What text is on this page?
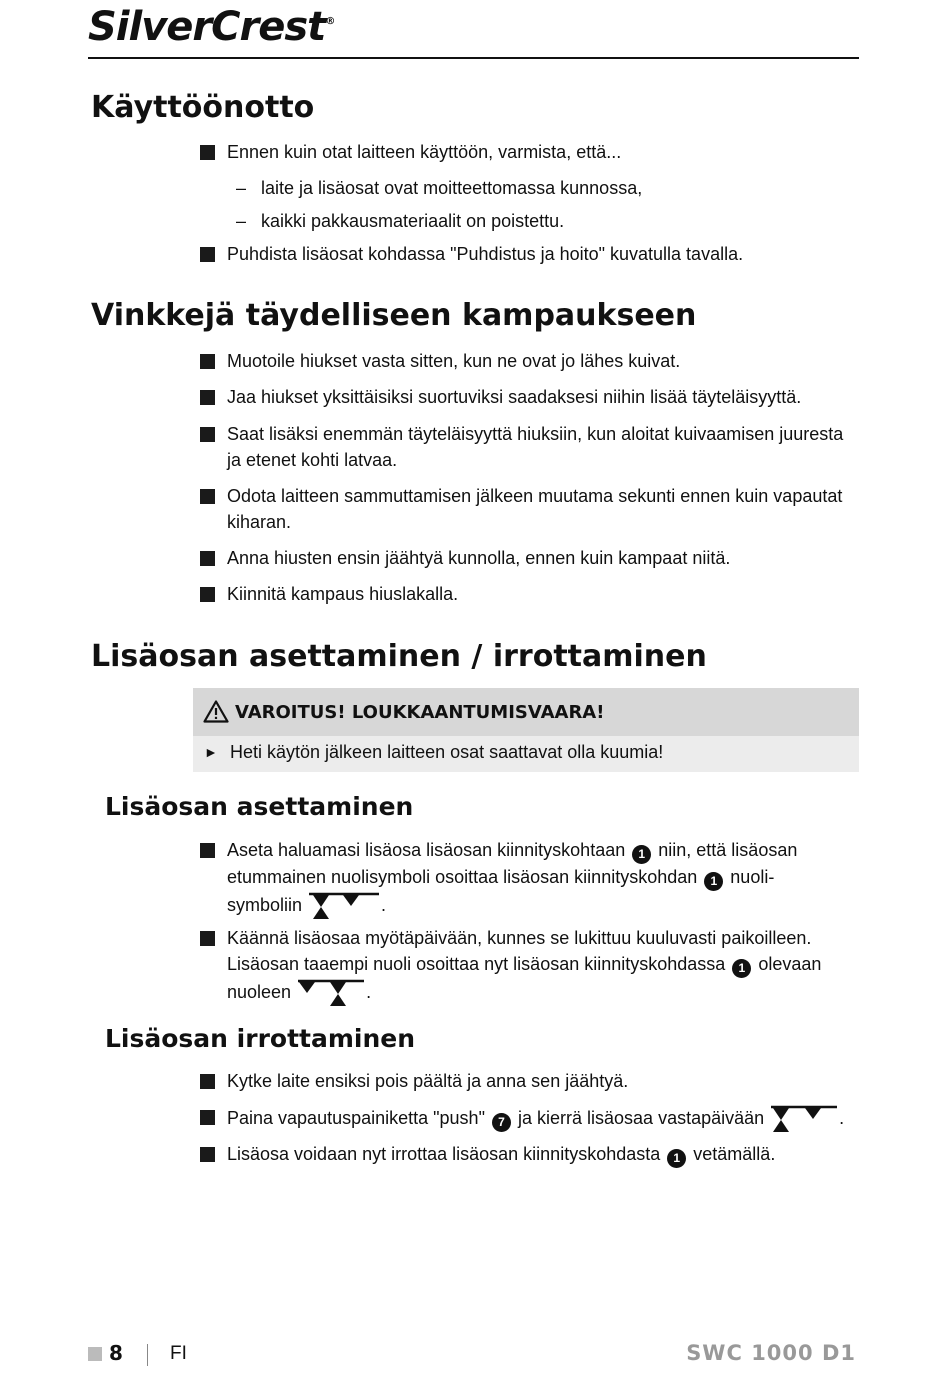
SilverCrest®
Käyttöönotto
Ennen kuin otat laitteen käyttöön, varmista, että...
– laite ja lisäosat ovat moitteettomassa kunnossa,
– kaikki pakkausmateriaalit on poistettu.
Puhdista lisäosat kohdassa "Puhdistus ja hoito" kuvatulla tavalla.
Vinkkejä täydelliseen kampaukseen
Muotoile hiukset vasta sitten, kun ne ovat jo lähes kuivat.
Jaa hiukset yksittäisiksi suortuviksi saadaksesi niihin lisää täyteläisyyttä.
Saat lisäksi enemmän täyteläisyyttä hiuksiin, kun aloitat kuivaamisen juuresta ja etenet kohti latvaa.
Odota laitteen sammuttamisen jälkeen muutama sekunti ennen kuin vapautat kiharan.
Anna hiusten ensin jäähtyä kunnolla, ennen kuin kampaat niitä.
Kiinnitä kampaus hiuslakalla.
Lisäosan asettaminen / irrottaminen
VAROITUS! LOUKKAANTUMISVAARA!
► Heti käytön jälkeen laitteen osat saattavat olla kuumia!
Lisäosan asettaminen
Aseta haluamasi lisäosa lisäosan kiinnityskohtaan 1 niin, että lisäosan
etummainen nuolisymboli osoittaa lisäosan kiinnityskohdan 1 nuoli-
symboliin	.
Käännä lisäosaa myötäpäivään, kunnes se lukittuu kuuluvasti paikoilleen.
Lisäosan taaempi nuoli osoittaa nyt lisäosan kiinnityskohdassa 1 olevaan
nuoleen	.
Lisäosan irrottaminen
Kytke laite ensiksi pois päältä ja anna sen jäähtyä.
Paina vapautuspainiketta "push" 7 ja kierrä lisäosaa vastapäivään	.
Lisäosa voidaan nyt irrottaa lisäosan kiinnityskohdasta 1 vetämällä.
8 FI	SWC 1000 D1
